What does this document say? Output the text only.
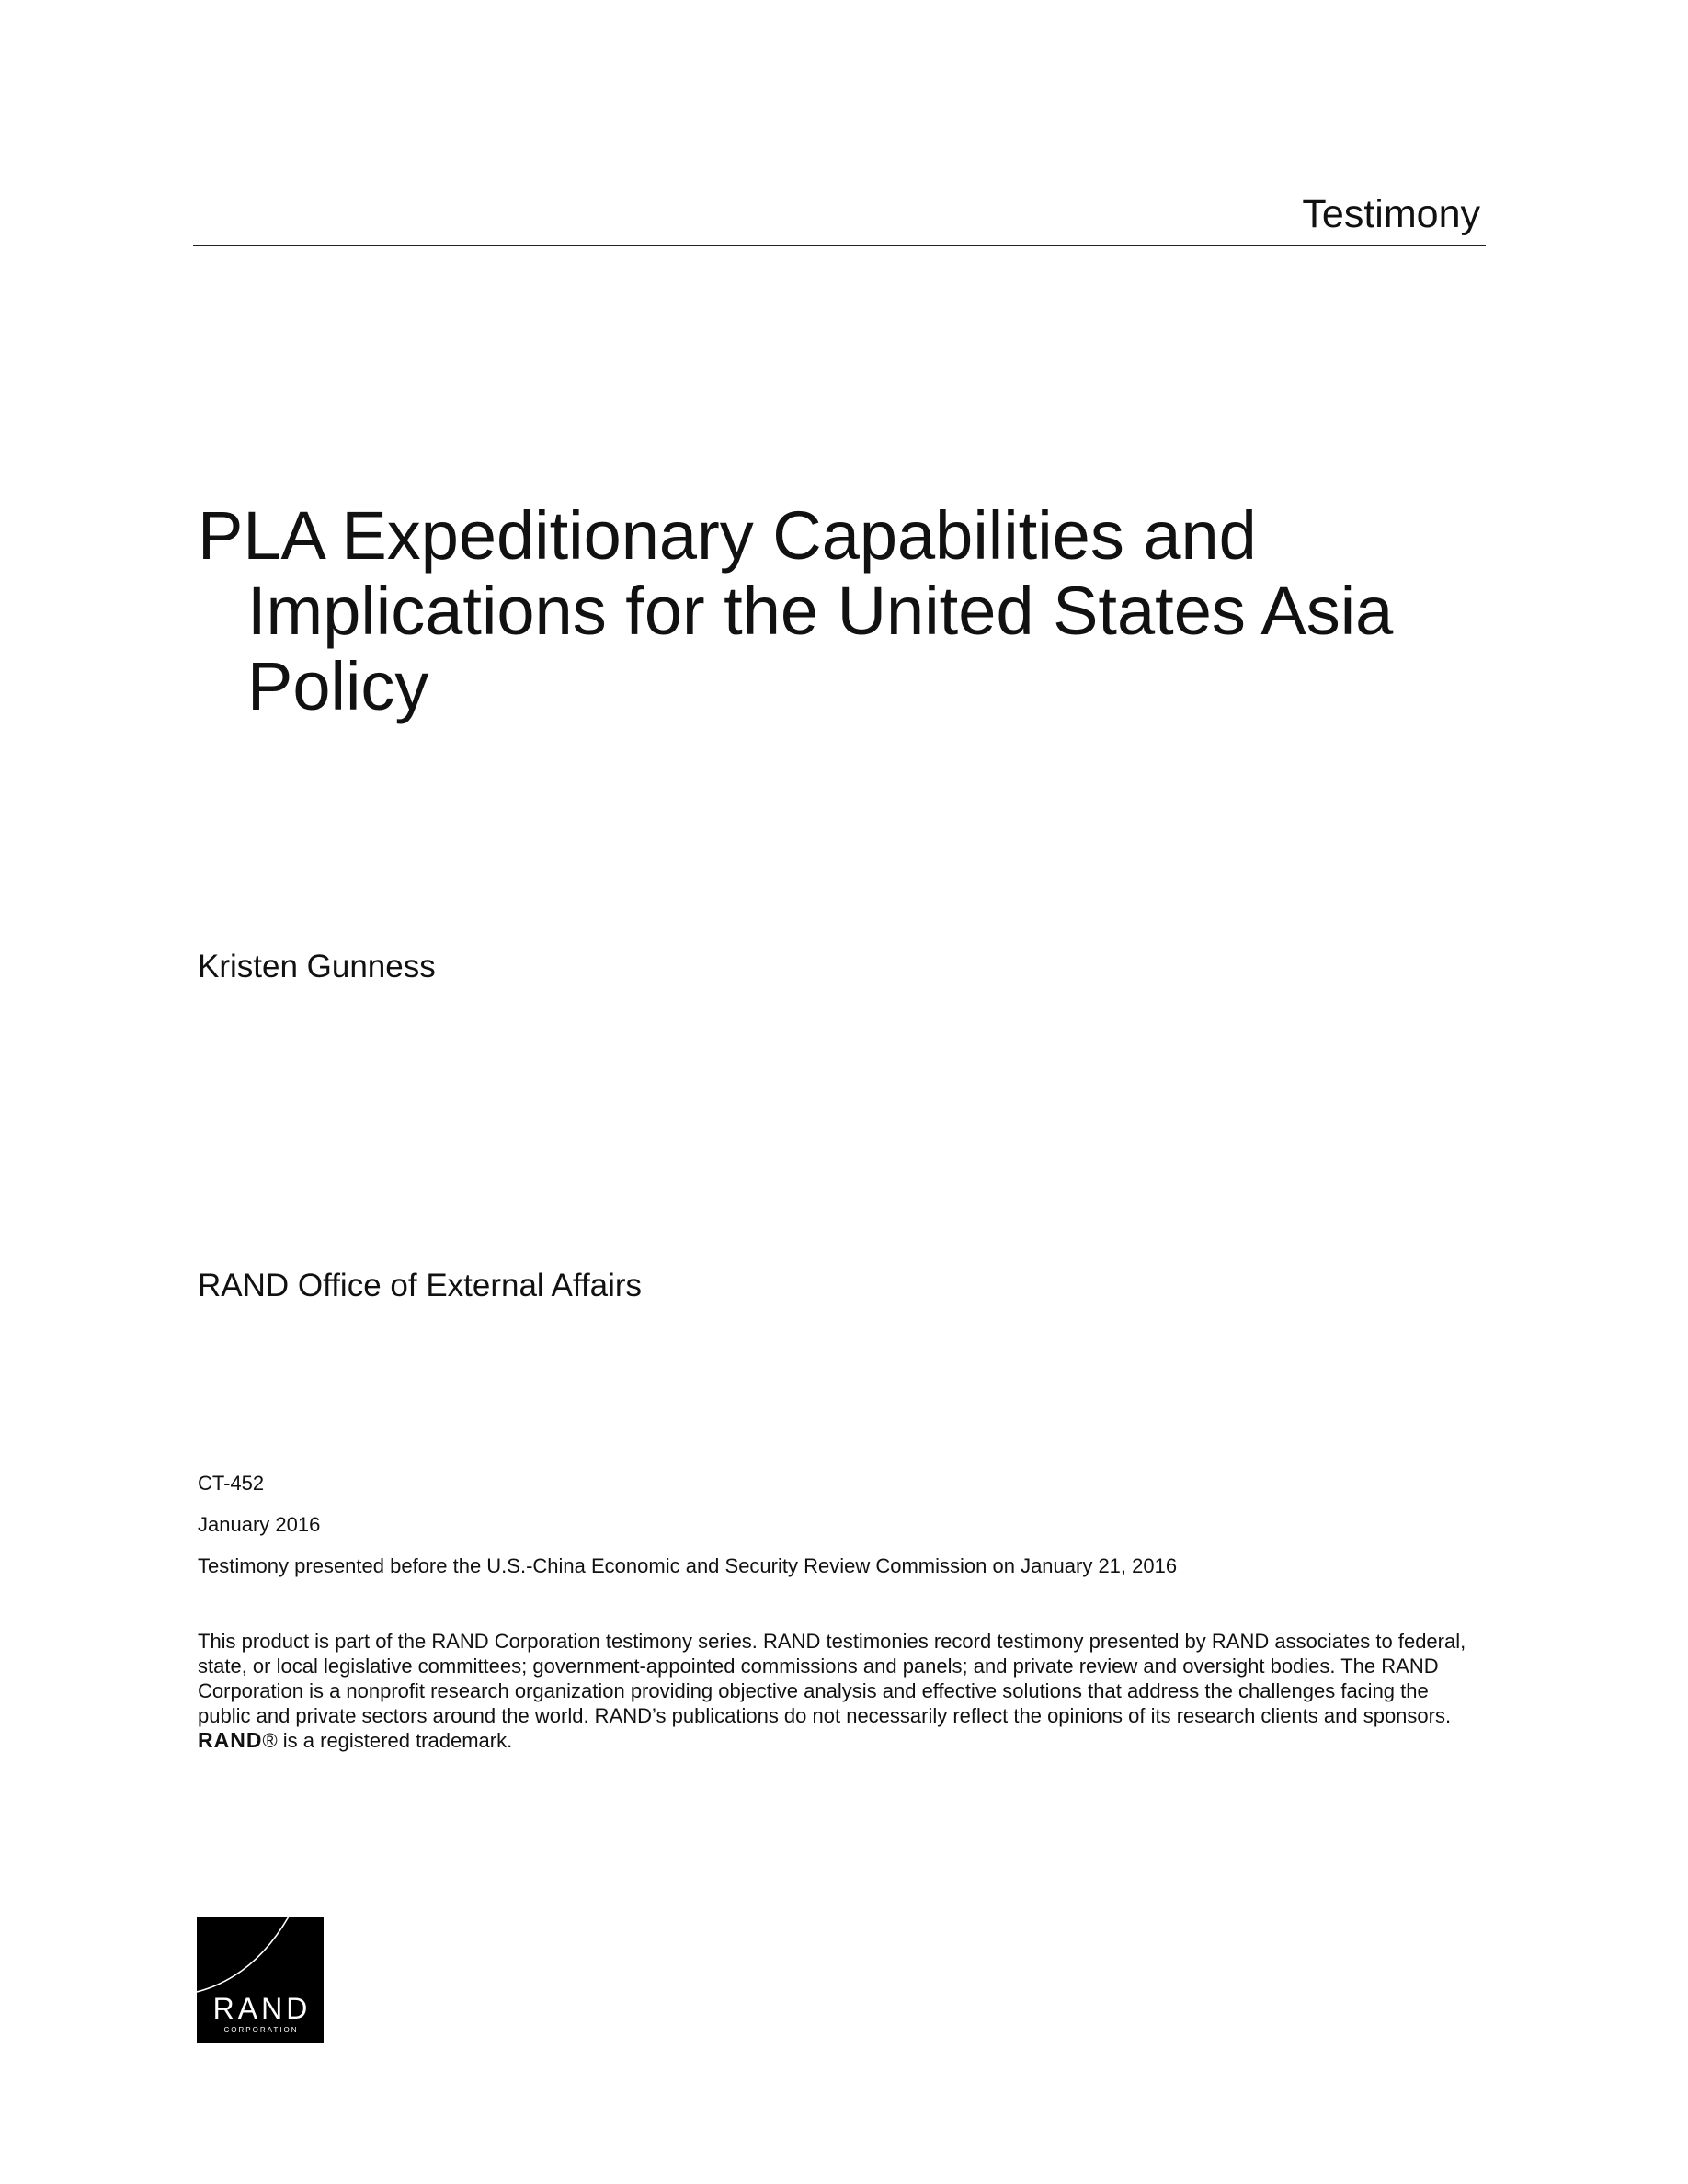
Testimony
PLA Expeditionary Capabilities and Implications for the United States Asia Policy
Kristen Gunness
RAND Office of External Affairs
CT-452
January 2016
Testimony presented before the U.S.-China Economic and Security Review Commission on January 21, 2016
This product is part of the RAND Corporation testimony series. RAND testimonies record testimony presented by RAND associates to federal, state, or local legislative committees; government-appointed commissions and panels; and private review and oversight bodies. The RAND Corporation is a nonprofit research organization providing objective analysis and effective solutions that address the challenges facing the public and private sectors around the world. RAND’s publications do not necessarily reflect the opinions of its research clients and sponsors. RAND® is a registered trademark.
RAND
CORPORATION
